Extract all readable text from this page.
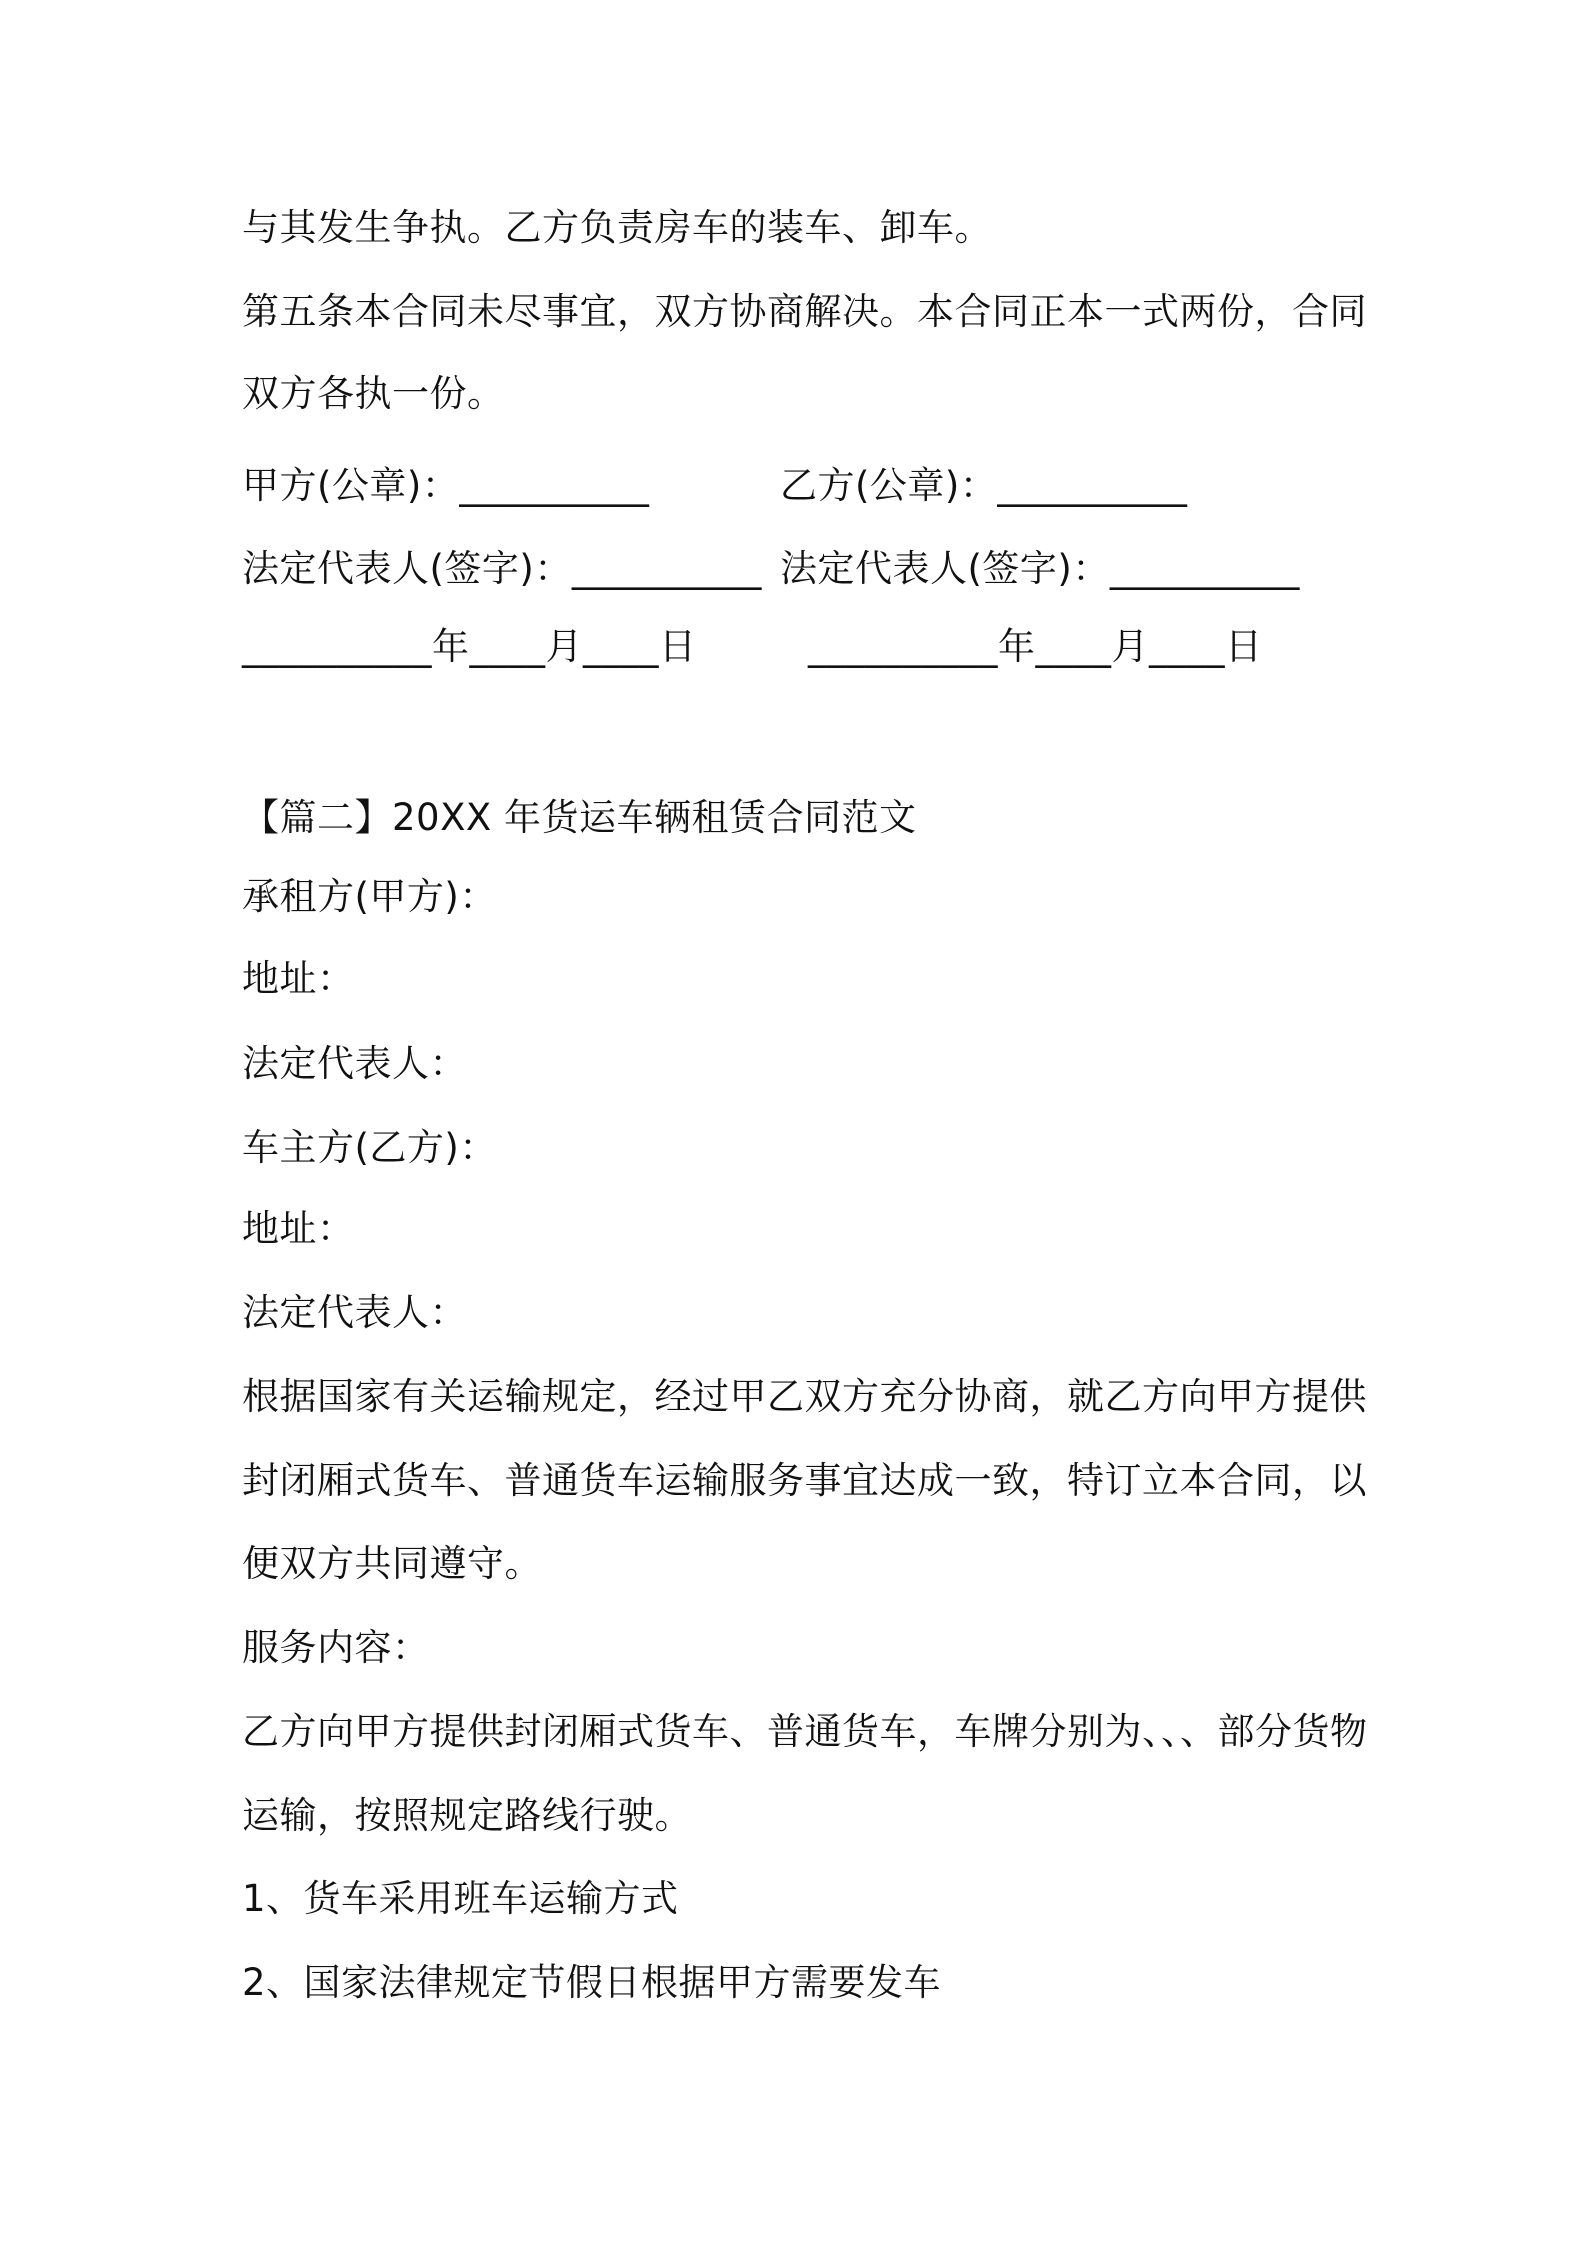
与其发生争执。乙方负责房车的装车、卸车。
第五条本合同未尽事宜，双方协商解决。本合同正本一式两份，合同
双方各执一份。
甲方(公章)：__________	乙方(公章)：__________
法定代表人(签字)：__________ 法定代表人(签字)：__________
__________年____月____日	__________年____月____日
【篇二】20XX 年货运车辆租赁合同范文
承租方(甲方)：
地址：
法定代表人：
车主方(乙方)：
地址：
法定代表人：
根据国家有关运输规定，经过甲乙双方充分协商，就乙方向甲方提供
封闭厢式货车、普通货车运输服务事宜达成一致，特订立本合同，以
便双方共同遵守。
服务内容：
乙方向甲方提供封闭厢式货车、普通货车，车牌分别为、、、部分货物
运输，按照规定路线行驶。
1、货车采用班车运输方式
2、国家法律规定节假日根据甲方需要发车
